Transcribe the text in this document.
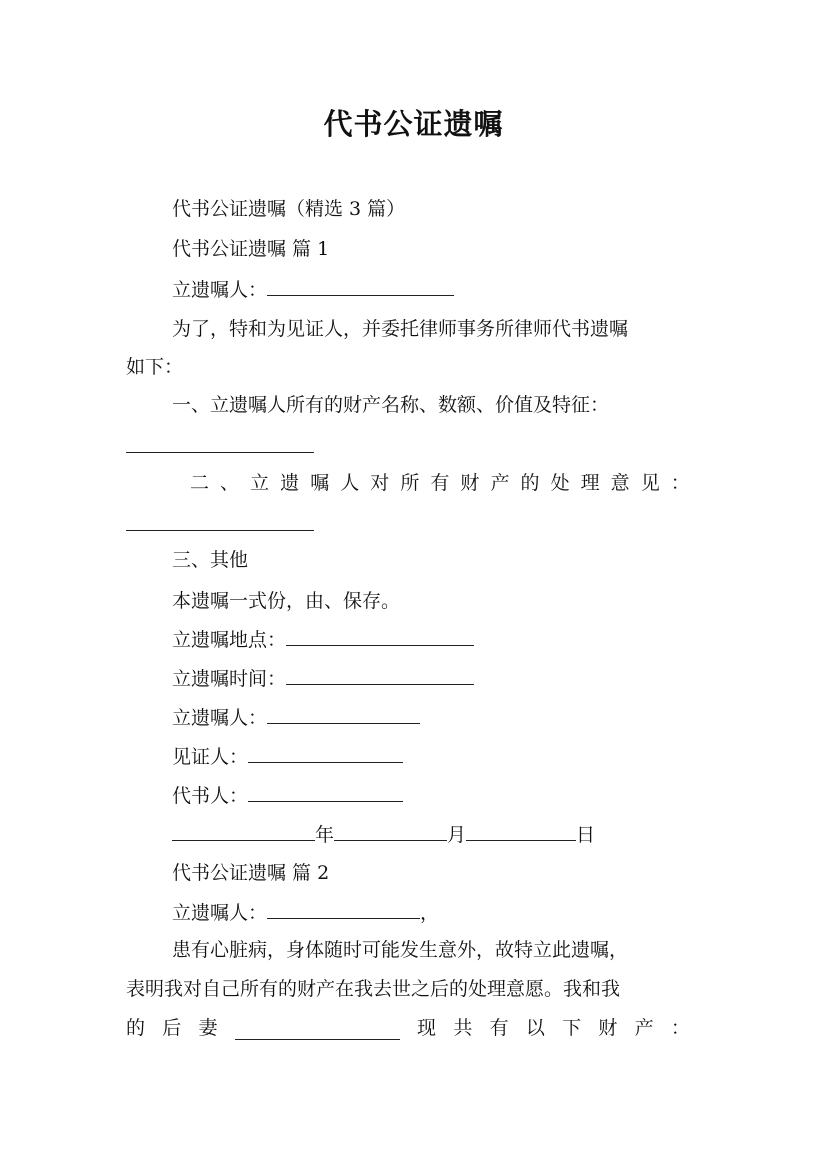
代书公证遗嘱
代书公证遗嘱（精选 3 篇）
代书公证遗嘱 篇 1
立遗嘱人：
为了，特和为见证人，并委托律师事务所律师代书遗嘱
如下：
一、立遗嘱人所有的财产名称、数额、价值及特征：
二 、 立 遗 嘱 人 对 所 有 财 产 的 处 理 意 见 ：
三、其他
本遗嘱一式份，由、保存。
立遗嘱地点：
立遗嘱时间：
立遗嘱人：
见证人：
代书人：
年	月	日
代书公证遗嘱 篇 2
立遗嘱人：	，
患有心脏病，身体随时可能发生意外，故特立此遗嘱，
表明我对自己所有的财产在我去世之后的处理意愿。我和我
的 后 妻	现 共 有 以 下 财 产 ：
